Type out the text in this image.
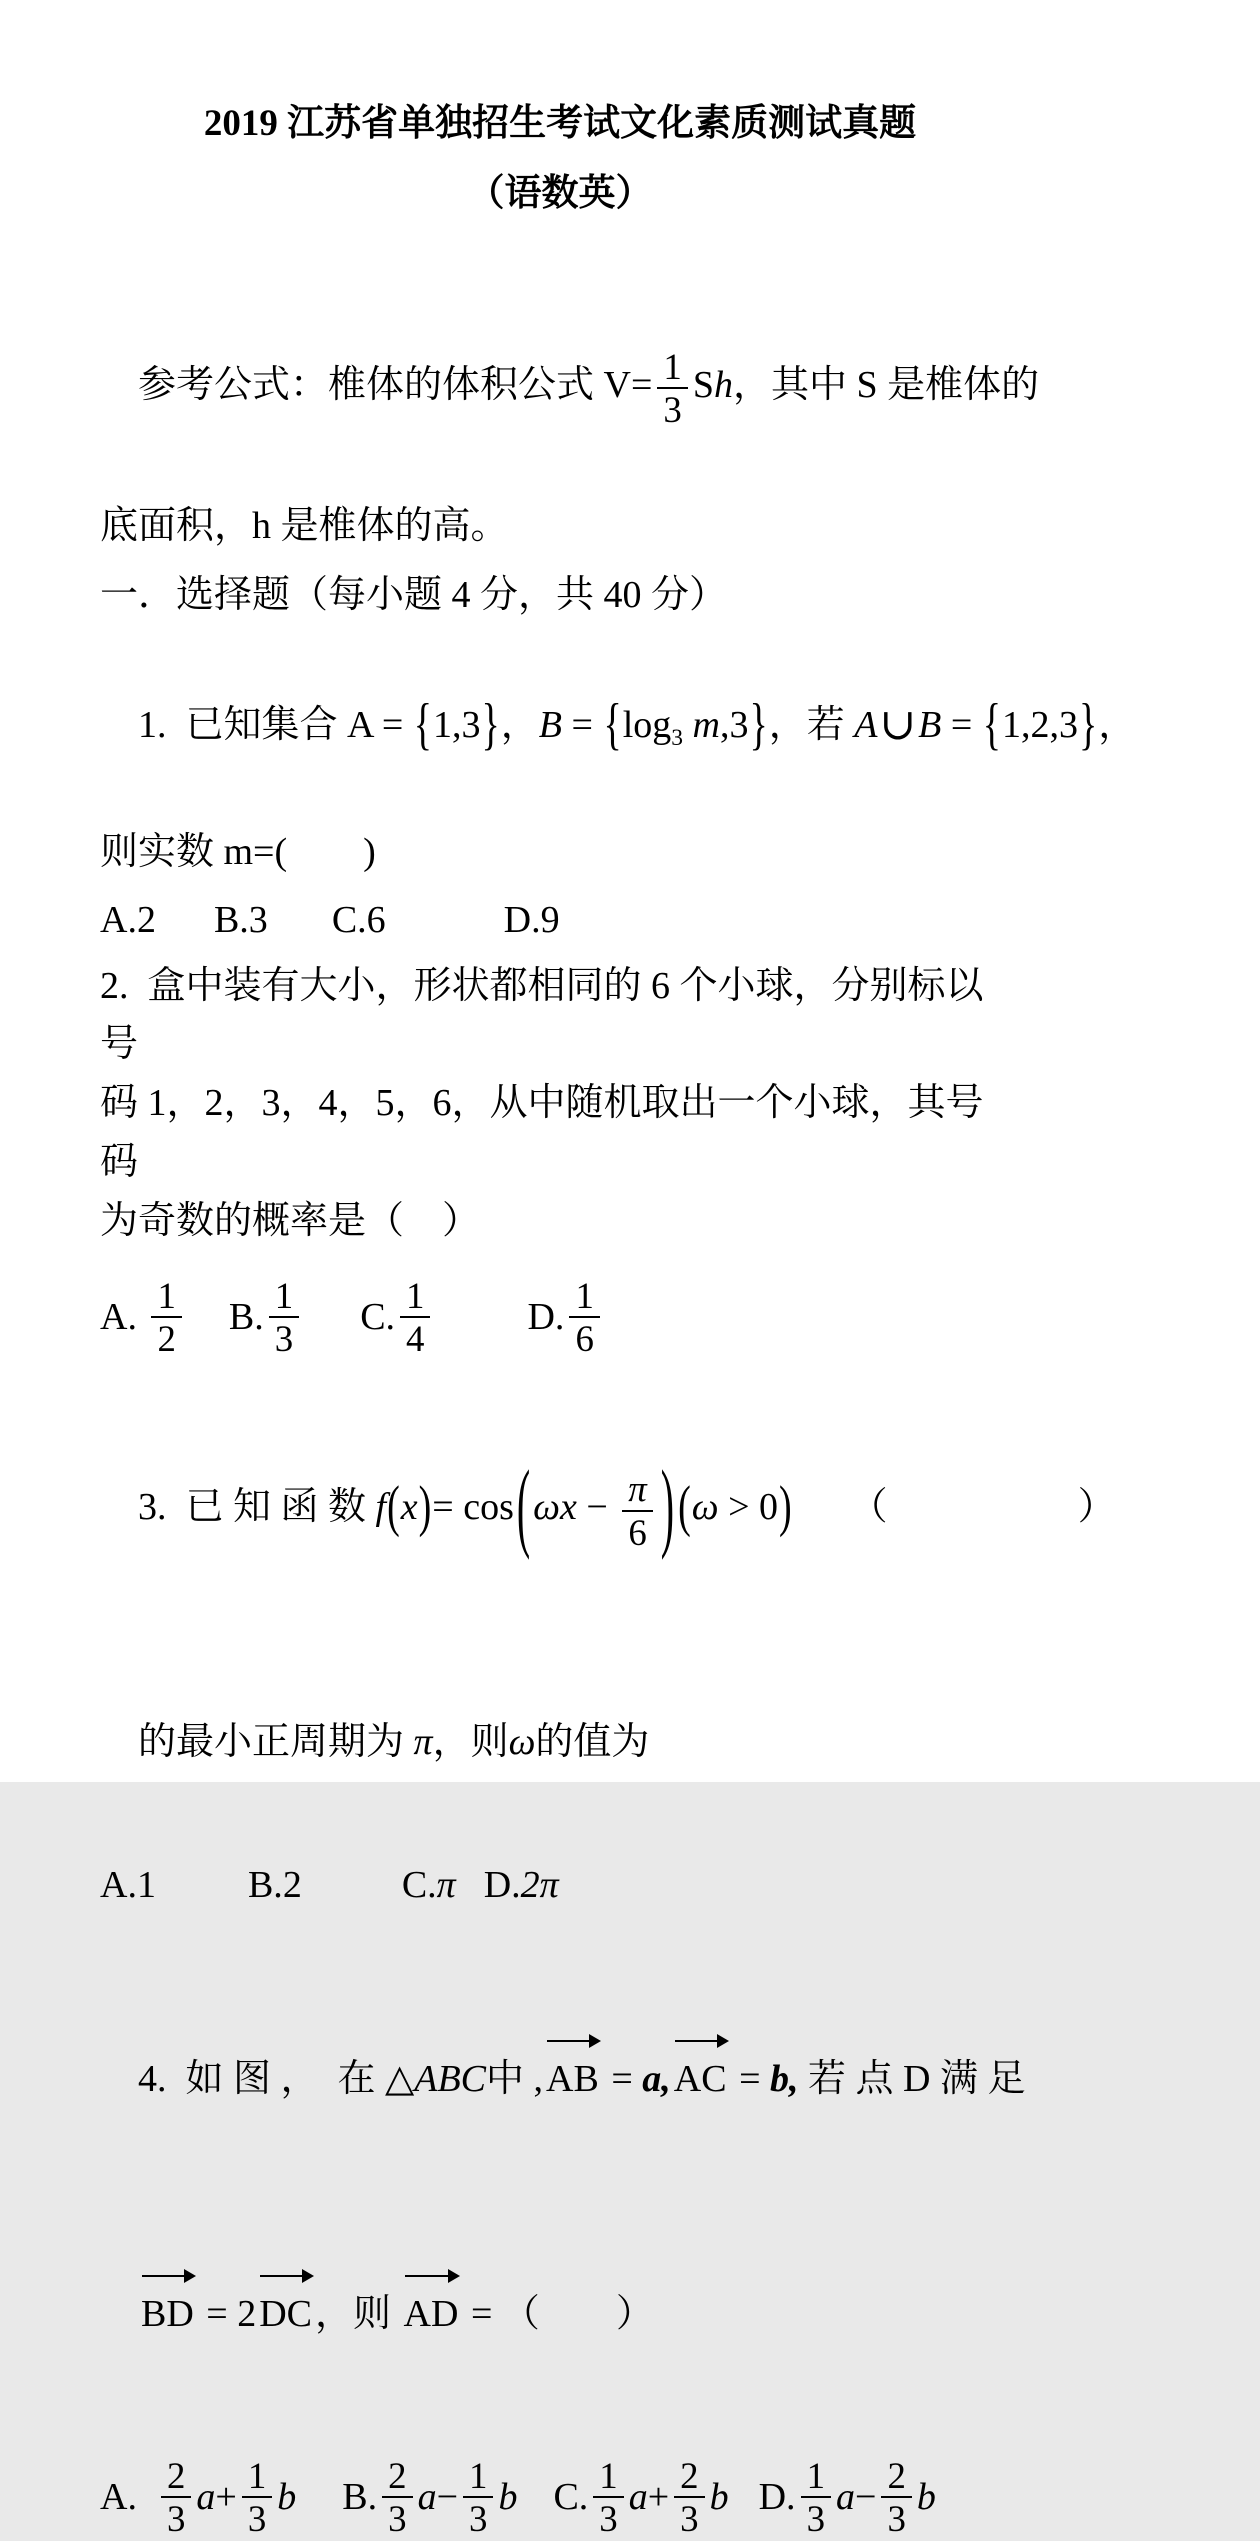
2019 江苏省单独招生考试文化素质测试真题
（语数英）

参考公式：椎体的体积公式 $V= \frac{1}{3}$ Sh，其中 S 是椎体的

底面积，h 是椎体的高。
一．选择题（每小题 4 分，共 40 分）

1.  已知集合 A = {1,3}，$B = \{\log_3$ m,3}，若 A∪B = {1,2,3}，

则实数 m=(　　)
A.2 B.3 C.6	D.9
2.  盒中装有大小，形状都相同的 6 个小球，分别标以号
码 1，2，3，4，5，6，从中随机取出一个小球，其号码
为奇数的概率是（　）
A. $\frac{1}{2} B$. $\frac{1}{3} C$. $\frac{1}{4}$	D. $\frac{1}{6}$

3.  已 知 函 数 $f(x)= \cos(\omega x - \frac{\pi}{6}$ ) (ω > 0)　　（　　　　　）

的最小正周期为 π，则ω的值为

A. 1 B. 2	C. π D. 2π

4.  如 图 ，  在 △ABC中 ,AB = a,AC = b, 若 点 D 满 足

BD = 2DC，则 AD = （　　）

A. $\frac{2}{3}$ $a + \frac{1}{3}$ b B. $\frac{2}{3}$ $a - \frac{1}{3}$ b C. $\frac{1}{3}$ $a + \frac{2}{3}$ b D. $\frac{1}{3}$ $a - \frac{2}{3}$ b
